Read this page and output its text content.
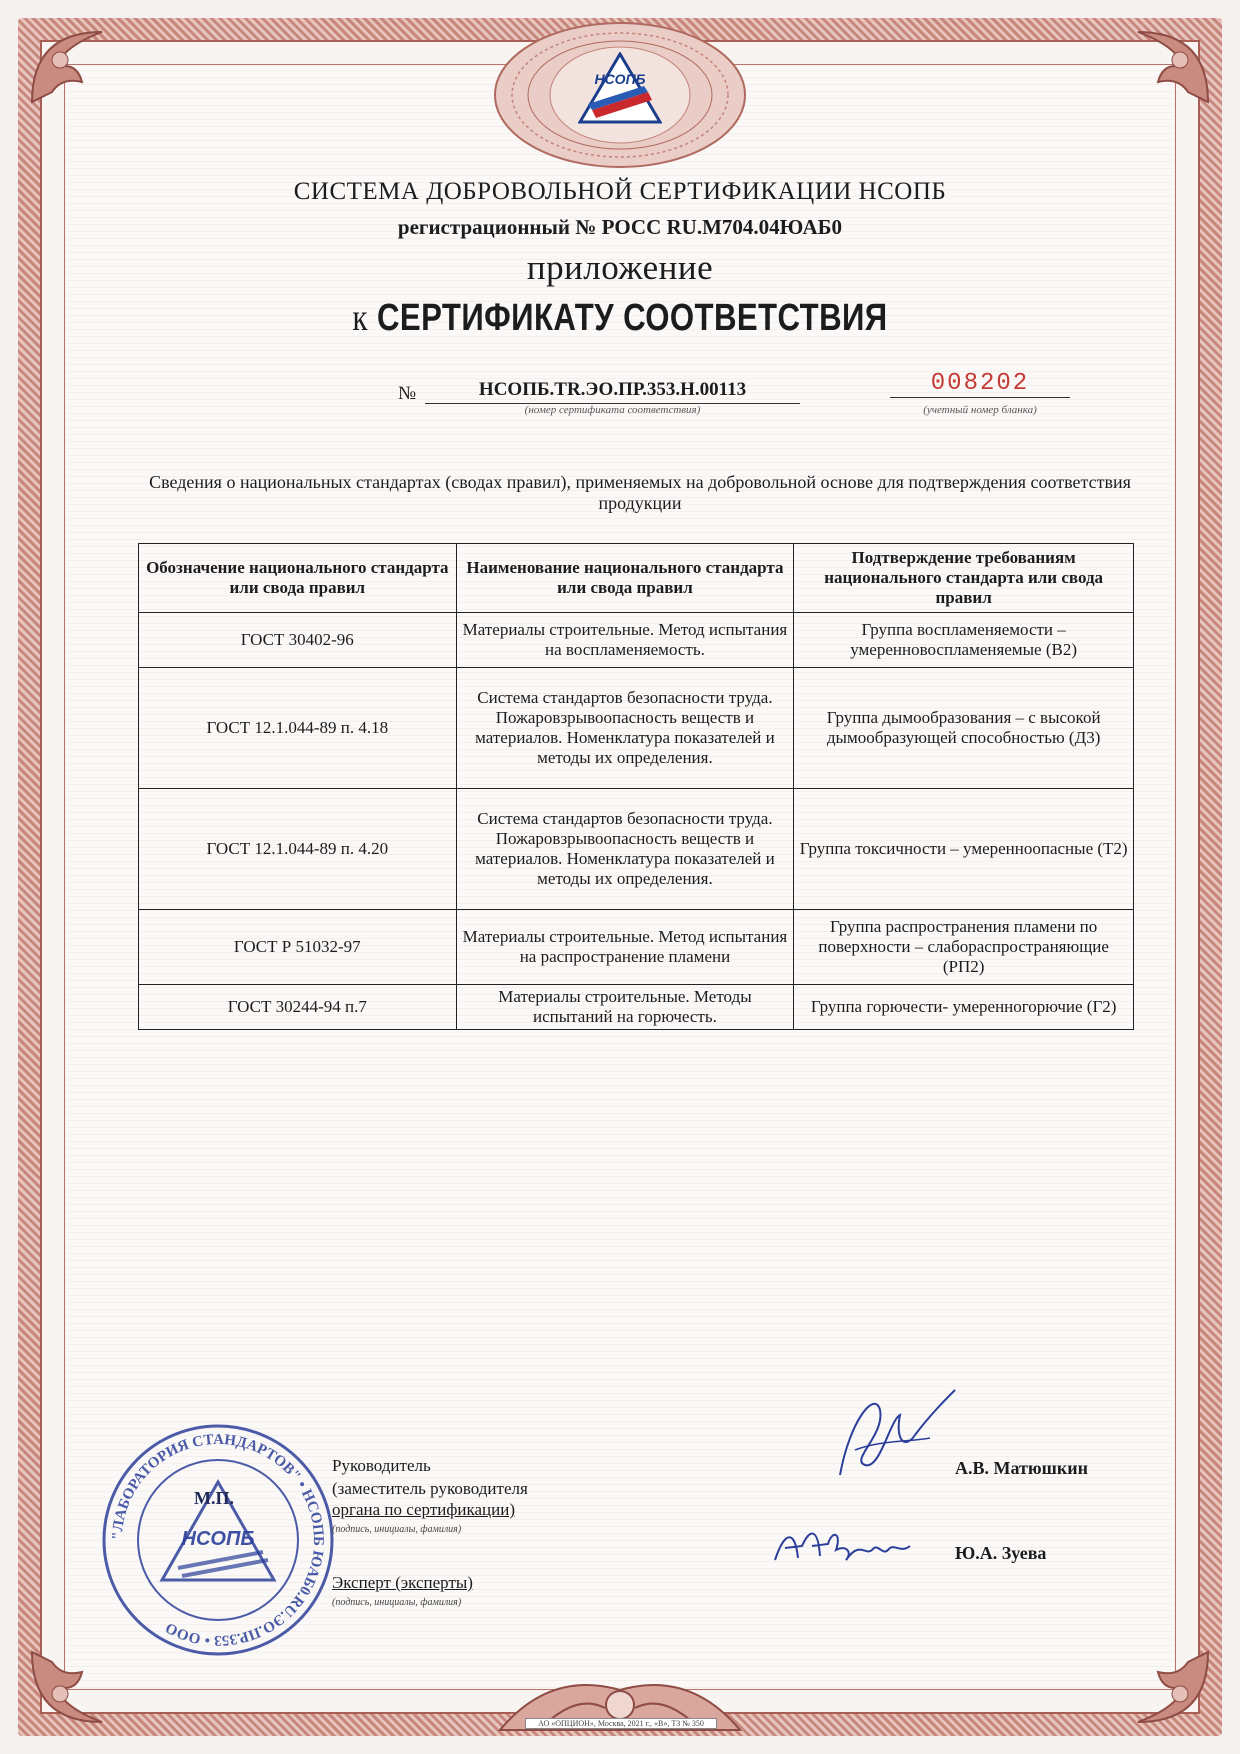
НСОПБ
СИСТЕМА ДОБРОВОЛЬНОЙ СЕРТИФИКАЦИИ НСОПБ
регистрационный № РОСС RU.М704.04ЮАБ0
приложение
к СЕРТИФИКАТУ СООТВЕТСТВИЯ
№	НСОПБ.TR.ЭО.ПР.353.Н.00113
(номер сертификата соответствия)
008202
(учетный номер бланка)
Сведения о национальных стандартах (сводах правил), применяемых на добровольной основе для подтверждения соответствия продукции
Обозначение национального стандарта или свода правил	Наименование национального стандарта или свода правил	Подтверждение требованиям национального стандарта или свода правил
ГОСТ 30402-96	Материалы строительные. Метод испытания на воспламеняемость.	Группа воспламеняемости – умеренновоспламеняемые (В2)
ГОСТ 12.1.044-89 п. 4.18	Система стандартов безопасности труда. Пожаровзрывоопасность веществ и материалов. Номенклатура показателей и методы их определения.	Группа дымообразования – с высокой дымообразующей способностью (Д3)
ГОСТ 12.1.044-89 п. 4.20	Система стандартов безопасности труда. Пожаровзрывоопасность веществ и материалов. Номенклатура показателей и методы их определения.	Группа токсичности – умеренноопасные (Т2)
ГОСТ Р 51032-97	Материалы строительные. Метод испытания на распространение пламени	Группа распространения пламени по поверхности – слабораспространяющие (РП2)
ГОСТ 30244-94 п.7	Материалы строительные. Методы испытаний на горючесть.	Группа горючести- умеренногорючие (Г2)
"ЛАБОРАТОРИЯ СТАНДАРТОВ" • НСОПБ ЮАБ0.RU.ЭО.ПР.353 • ООО
НСОПБ
М.П.
Руководитель
(заместитель руководителя
органа по сертификации)
(подпись, инициалы, фамилия)
Эксперт (эксперты)
(подпись, инициалы, фамилия)
А.В. Матюшкин
Ю.А. Зуева
АО «ОПЦИОН», Москва, 2021 г., «В», ТЗ № 350
